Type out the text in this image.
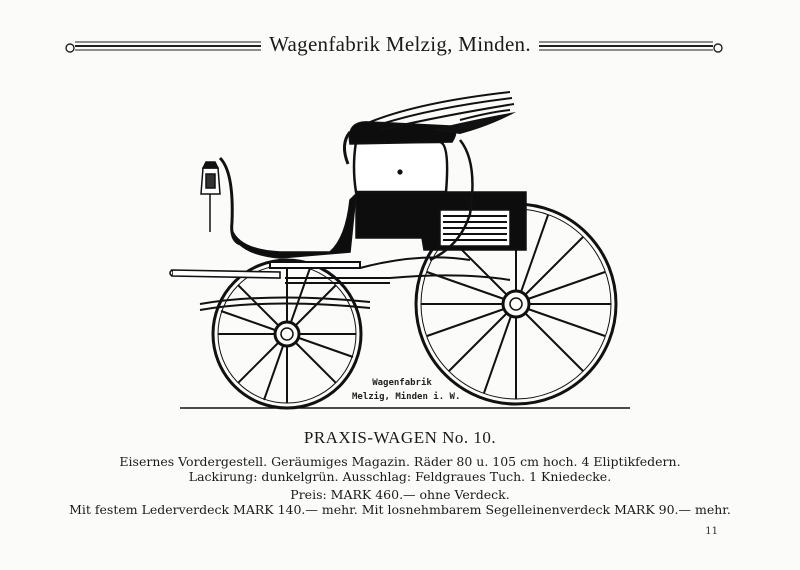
Wagenfabrik Melzig, Minden.
Wagenfabrik
Melzig, Minden i. W.
PRAXIS-WAGEN No. 10.
Eisernes Vordergestell. Geräumiges Magazin. Räder 80 u. 105 cm hoch. 4 Eliptikfedern.
Lackirung: dunkelgrün. Ausschlag: Feldgraues Tuch. 1 Kniedecke.
Preis: MARK 460.— ohne Verdeck.
Mit festem Lederverdeck MARK 140.— mehr. Mit losnehmbarem Segelleinenverdeck MARK 90.— mehr.
11
